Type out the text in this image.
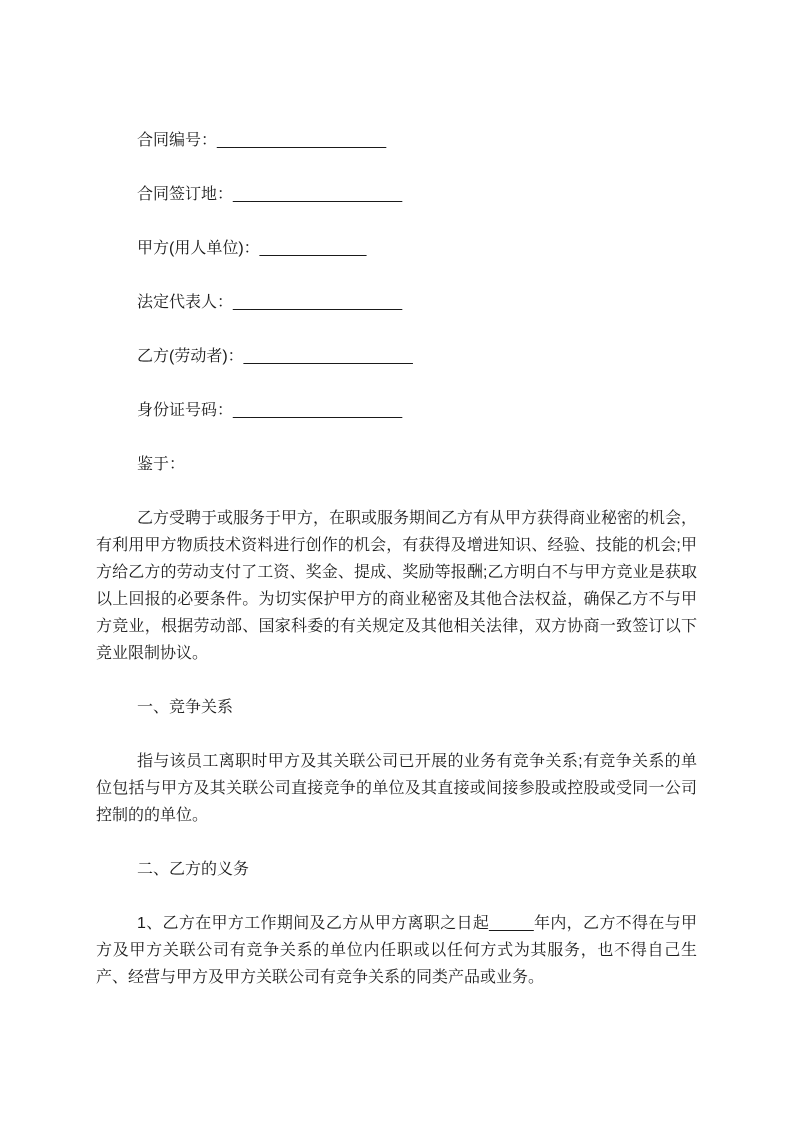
合同编号：___________________

合同签订地：___________________

甲方(用人单位)：____________

法定代表人：___________________

乙方(劳动者)：___________________

身份证号码：___________________

鉴于：

乙方受聘于或服务于甲方，在职或服务期间乙方有从甲方获得商业秘密的机会，有利用甲方物质技术资料进行创作的机会，有获得及增进知识、经验、技能的机会;甲方给乙方的劳动支付了工资、奖金、提成、奖励等报酬;乙方明白不与甲方竞业是获取以上回报的必要条件。为切实保护甲方的商业秘密及其他合法权益，确保乙方不与甲方竞业，根据劳动部、国家科委的有关规定及其他相关法律，双方协商一致签订以下竞业限制协议。

一、竞争关系

指与该员工离职时甲方及其关联公司已开展的业务有竞争关系;有竞争关系的单位包括与甲方及其关联公司直接竞争的单位及其直接或间接参股或控股或受同一公司控制的的单位。

二、乙方的义务

1、乙方在甲方工作期间及乙方从甲方离职之日起_____年内，乙方不得在与甲方及甲方关联公司有竞争关系的单位内任职或以任何方式为其服务，也不得自己生产、经营与甲方及甲方关联公司有竞争关系的同类产品或业务。
